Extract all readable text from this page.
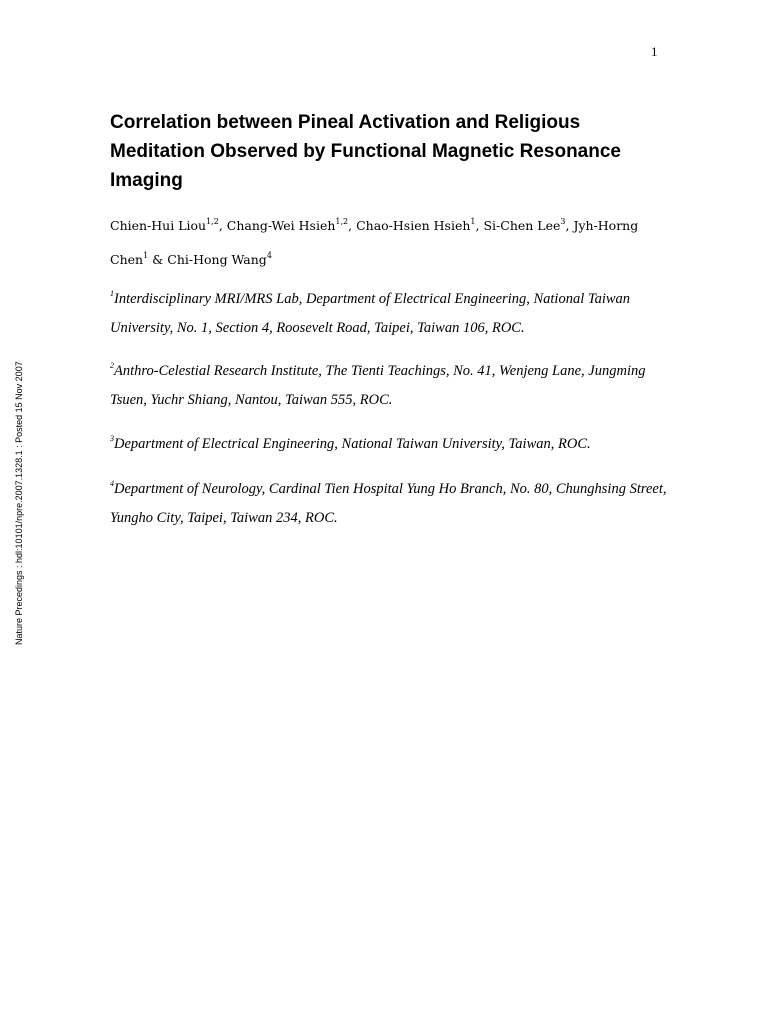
1
Nature Precedings : hdl:10101/npre.2007.1328.1 : Posted 15 Nov 2007
Correlation between Pineal Activation and Religious Meditation Observed by Functional Magnetic Resonance Imaging

Chien-Hui Liou$^{1,2}$, Chang-Wei Hsieh$^{1,2}$, Chao-Hsien Hsieh$^1$, Si-Chen Lee$^3$, Jyh-Horng Chen$^1$ & Chi-Hong Wang$^4$

$^1$Interdisciplinary MRI/MRS Lab, Department of Electrical Engineering, National Taiwan University, No. 1, Section 4, Roosevelt Road, Taipei, Taiwan 106, ROC.

$^2$Anthro-Celestial Research Institute, The Tienti Teachings, No. 41, Wenjeng Lane, Jungming Tsuen, Yuchr Shiang, Nantou, Taiwan 555, ROC.

$^3$Department of Electrical Engineering, National Taiwan University, Taiwan, ROC.

$^4$Department of Neurology, Cardinal Tien Hospital Yung Ho Branch, No. 80, Chunghsing Street, Yungho City, Taipei, Taiwan 234, ROC.
